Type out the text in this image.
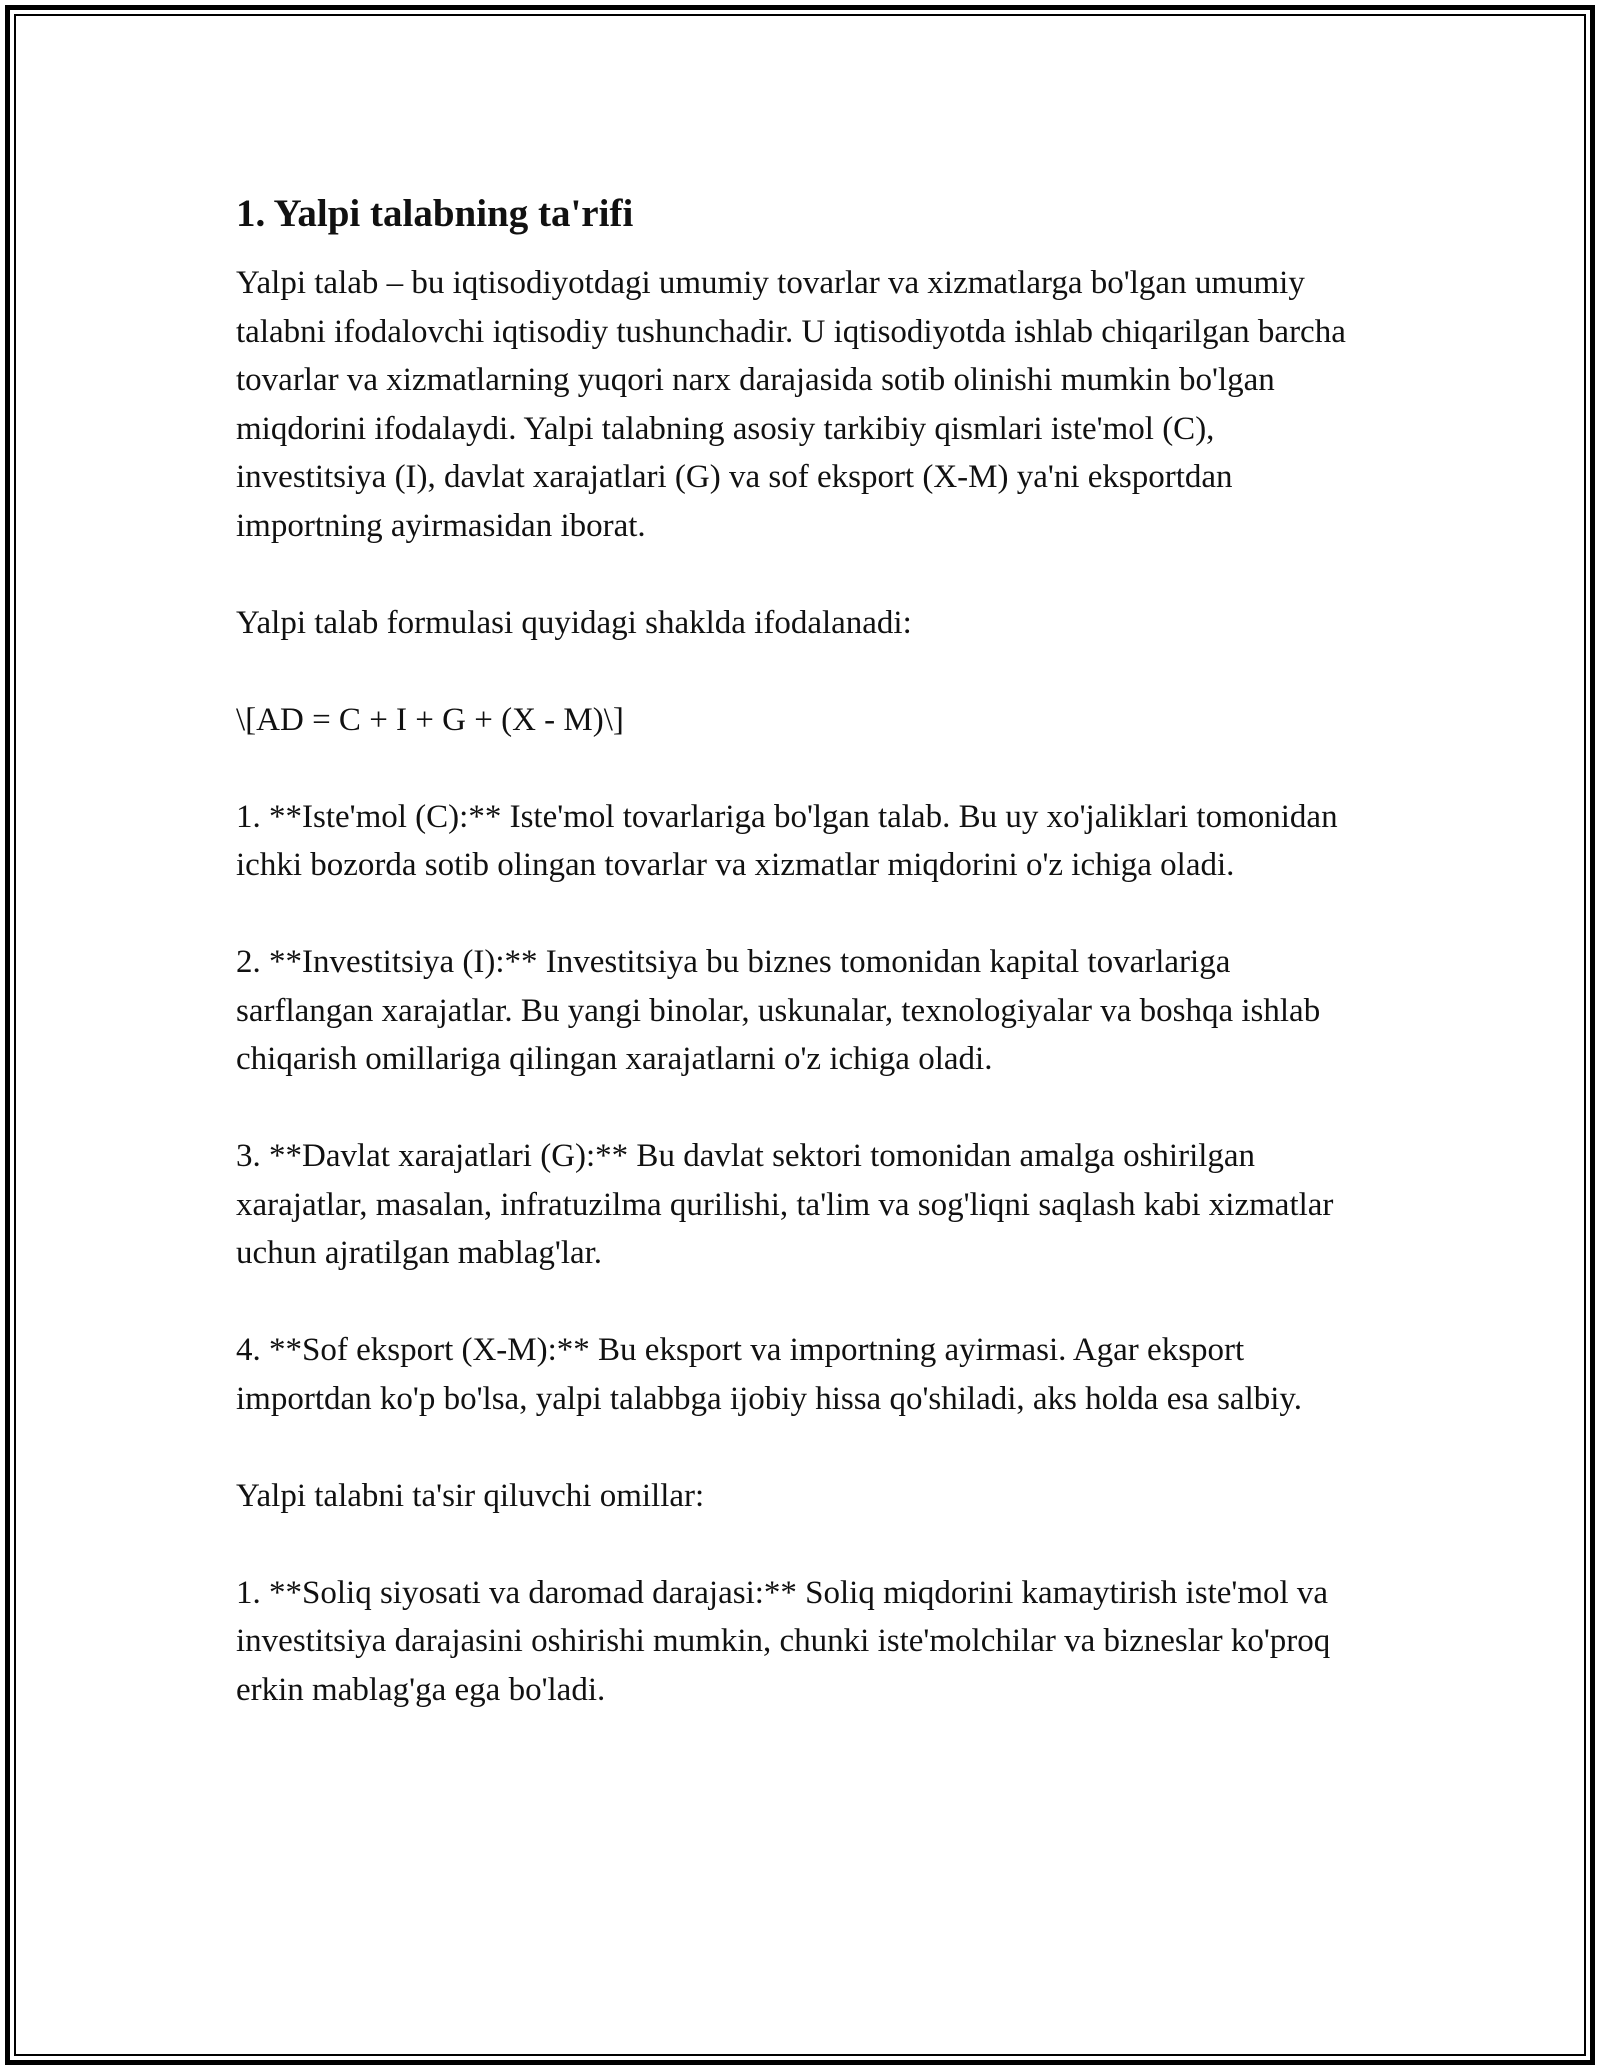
1. Yalpi talabning ta'rifi

Yalpi talab – bu iqtisodiyotdagi umumiy tovarlar va xizmatlarga bo'lgan umumiy talabni ifodalovchi iqtisodiy tushunchadir. U iqtisodiyotda ishlab chiqarilgan barcha tovarlar va xizmatlarning yuqori narx darajasida sotib olinishi mumkin bo'lgan miqdorini ifodalaydi. Yalpi talabning asosiy tarkibiy qismlari iste'mol (C), investitsiya (I), davlat xarajatlari (G) va sof eksport (X-M) ya'ni eksportdan importning ayirmasidan iborat.

Yalpi talab formulasi quyidagi shaklda ifodalanadi:

\[AD = C + I + G + (X - M)\]

1. **Iste'mol (C):** Iste'mol tovarlariga bo'lgan talab. Bu uy xo'jaliklari tomonidan ichki bozorda sotib olingan tovarlar va xizmatlar miqdorini o'z ichiga oladi.

2. **Investitsiya (I):** Investitsiya bu biznes tomonidan kapital tovarlariga sarflangan xarajatlar. Bu yangi binolar, uskunalar, texnologiyalar va boshqa ishlab chiqarish omillariga qilingan xarajatlarni o'z ichiga oladi.

3. **Davlat xarajatlari (G):** Bu davlat sektori tomonidan amalga oshirilgan xarajatlar, masalan, infratuzilma qurilishi, ta'lim va sog'liqni saqlash kabi xizmatlar uchun ajratilgan mablag'lar.

4. **Sof eksport (X-M):** Bu eksport va importning ayirmasi. Agar eksport importdan ko'p bo'lsa, yalpi talabbga ijobiy hissa qo'shiladi, aks holda esa salbiy.

Yalpi talabni ta'sir qiluvchi omillar:

1. **Soliq siyosati va daromad darajasi:** Soliq miqdorini kamaytirish iste'mol va investitsiya darajasini oshirishi mumkin, chunki iste'molchilar va bizneslar ko'proq erkin mablag'ga ega bo'ladi.
